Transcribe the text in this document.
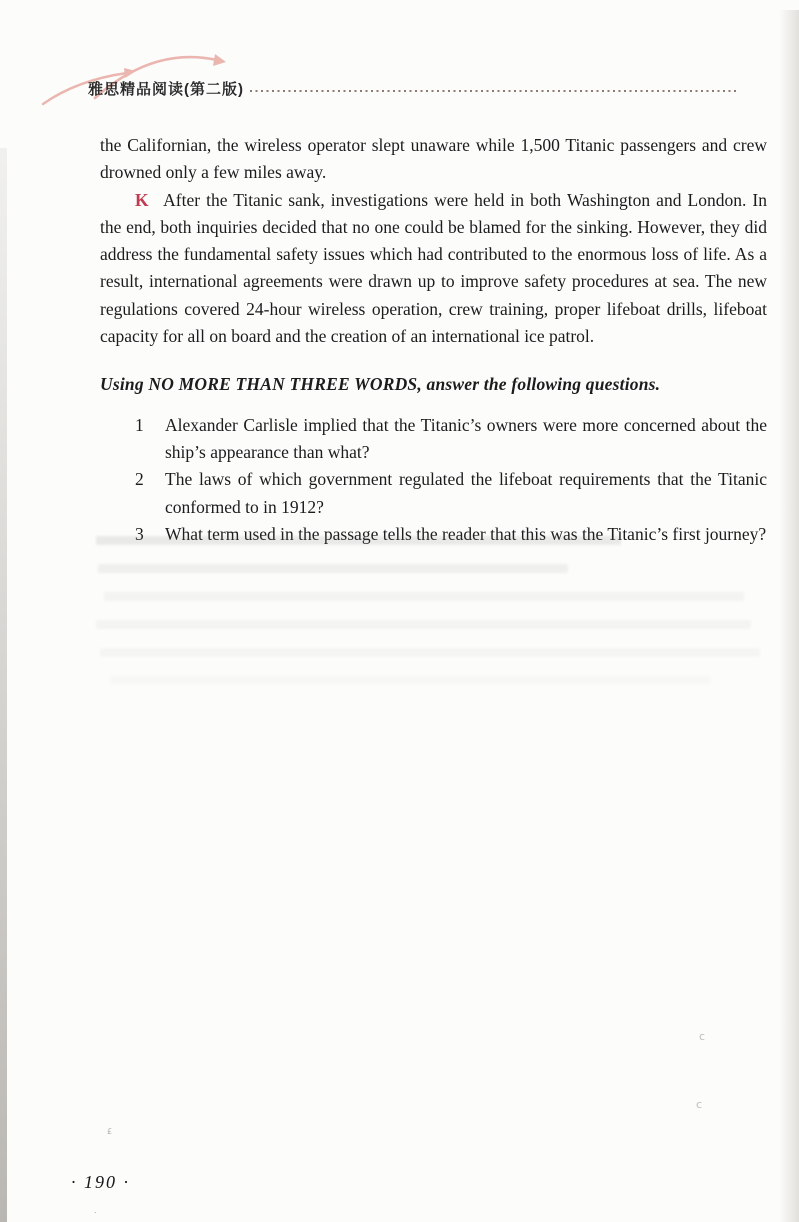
雅思精品阅读(第二版)

the Californian, the wireless operator slept unaware while 1,500 Titanic passengers and crew drowned only a few miles away.

K After the Titanic sank, investigations were held in both Washington and London. In the end, both inquiries decided that no one could be blamed for the sinking. However, they did address the fundamental safety issues which had contributed to the enormous loss of life. As a result, international agreements were drawn up to improve safety procedures at sea. The new regulations covered 24-hour wireless operation, crew training, proper lifeboat drills, lifeboat capacity for all on board and the creation of an international ice patrol.

Using NO MORE THAN THREE WORDS, answer the following questions.

1	Alexander Carlisle implied that the Titanic’s owners were more concerned about the ship’s appearance than what?
2	The laws of which government regulated the lifeboat requirements that the Titanic conformed to in 1912?
3	What term used in the passage tells the reader that this was the Titanic’s first journey?
c
c
£
.
· 190 ·
